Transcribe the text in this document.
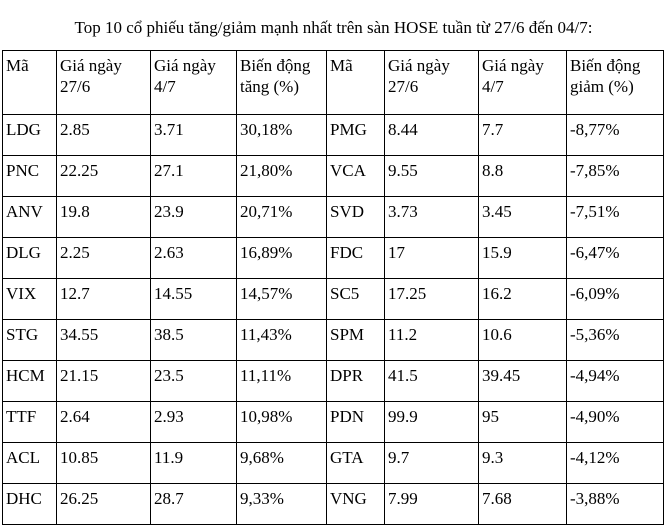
Top 10 cổ phiếu tăng/giảm mạnh nhất trên sàn HOSE tuần từ 27/6 đến 04/7:
Mã	Giá ngày 27/6	Giá ngày 4/7	Biến động tăng (%)	Mã	Giá ngày 27/6	Giá ngày 4/7	Biến động giảm (%)
LDG	2.85	3.71	30,18%	PMG	8.44	7.7	-8,77%
PNC	22.25	27.1	21,80%	VCA	9.55	8.8	-7,85%
ANV	19.8	23.9	20,71%	SVD	3.73	3.45	-7,51%
DLG	2.25	2.63	16,89%	FDC	17	15.9	-6,47%
VIX	12.7	14.55	14,57%	SC5	17.25	16.2	-6,09%
STG	34.55	38.5	11,43%	SPM	11.2	10.6	-5,36%
HCM	21.15	23.5	11,11%	DPR	41.5	39.45	-4,94%
TTF	2.64	2.93	10,98%	PDN	99.9	95	-4,90%
ACL	10.85	11.9	9,68%	GTA	9.7	9.3	-4,12%
DHC	26.25	28.7	9,33%	VNG	7.99	7.68	-3,88%
